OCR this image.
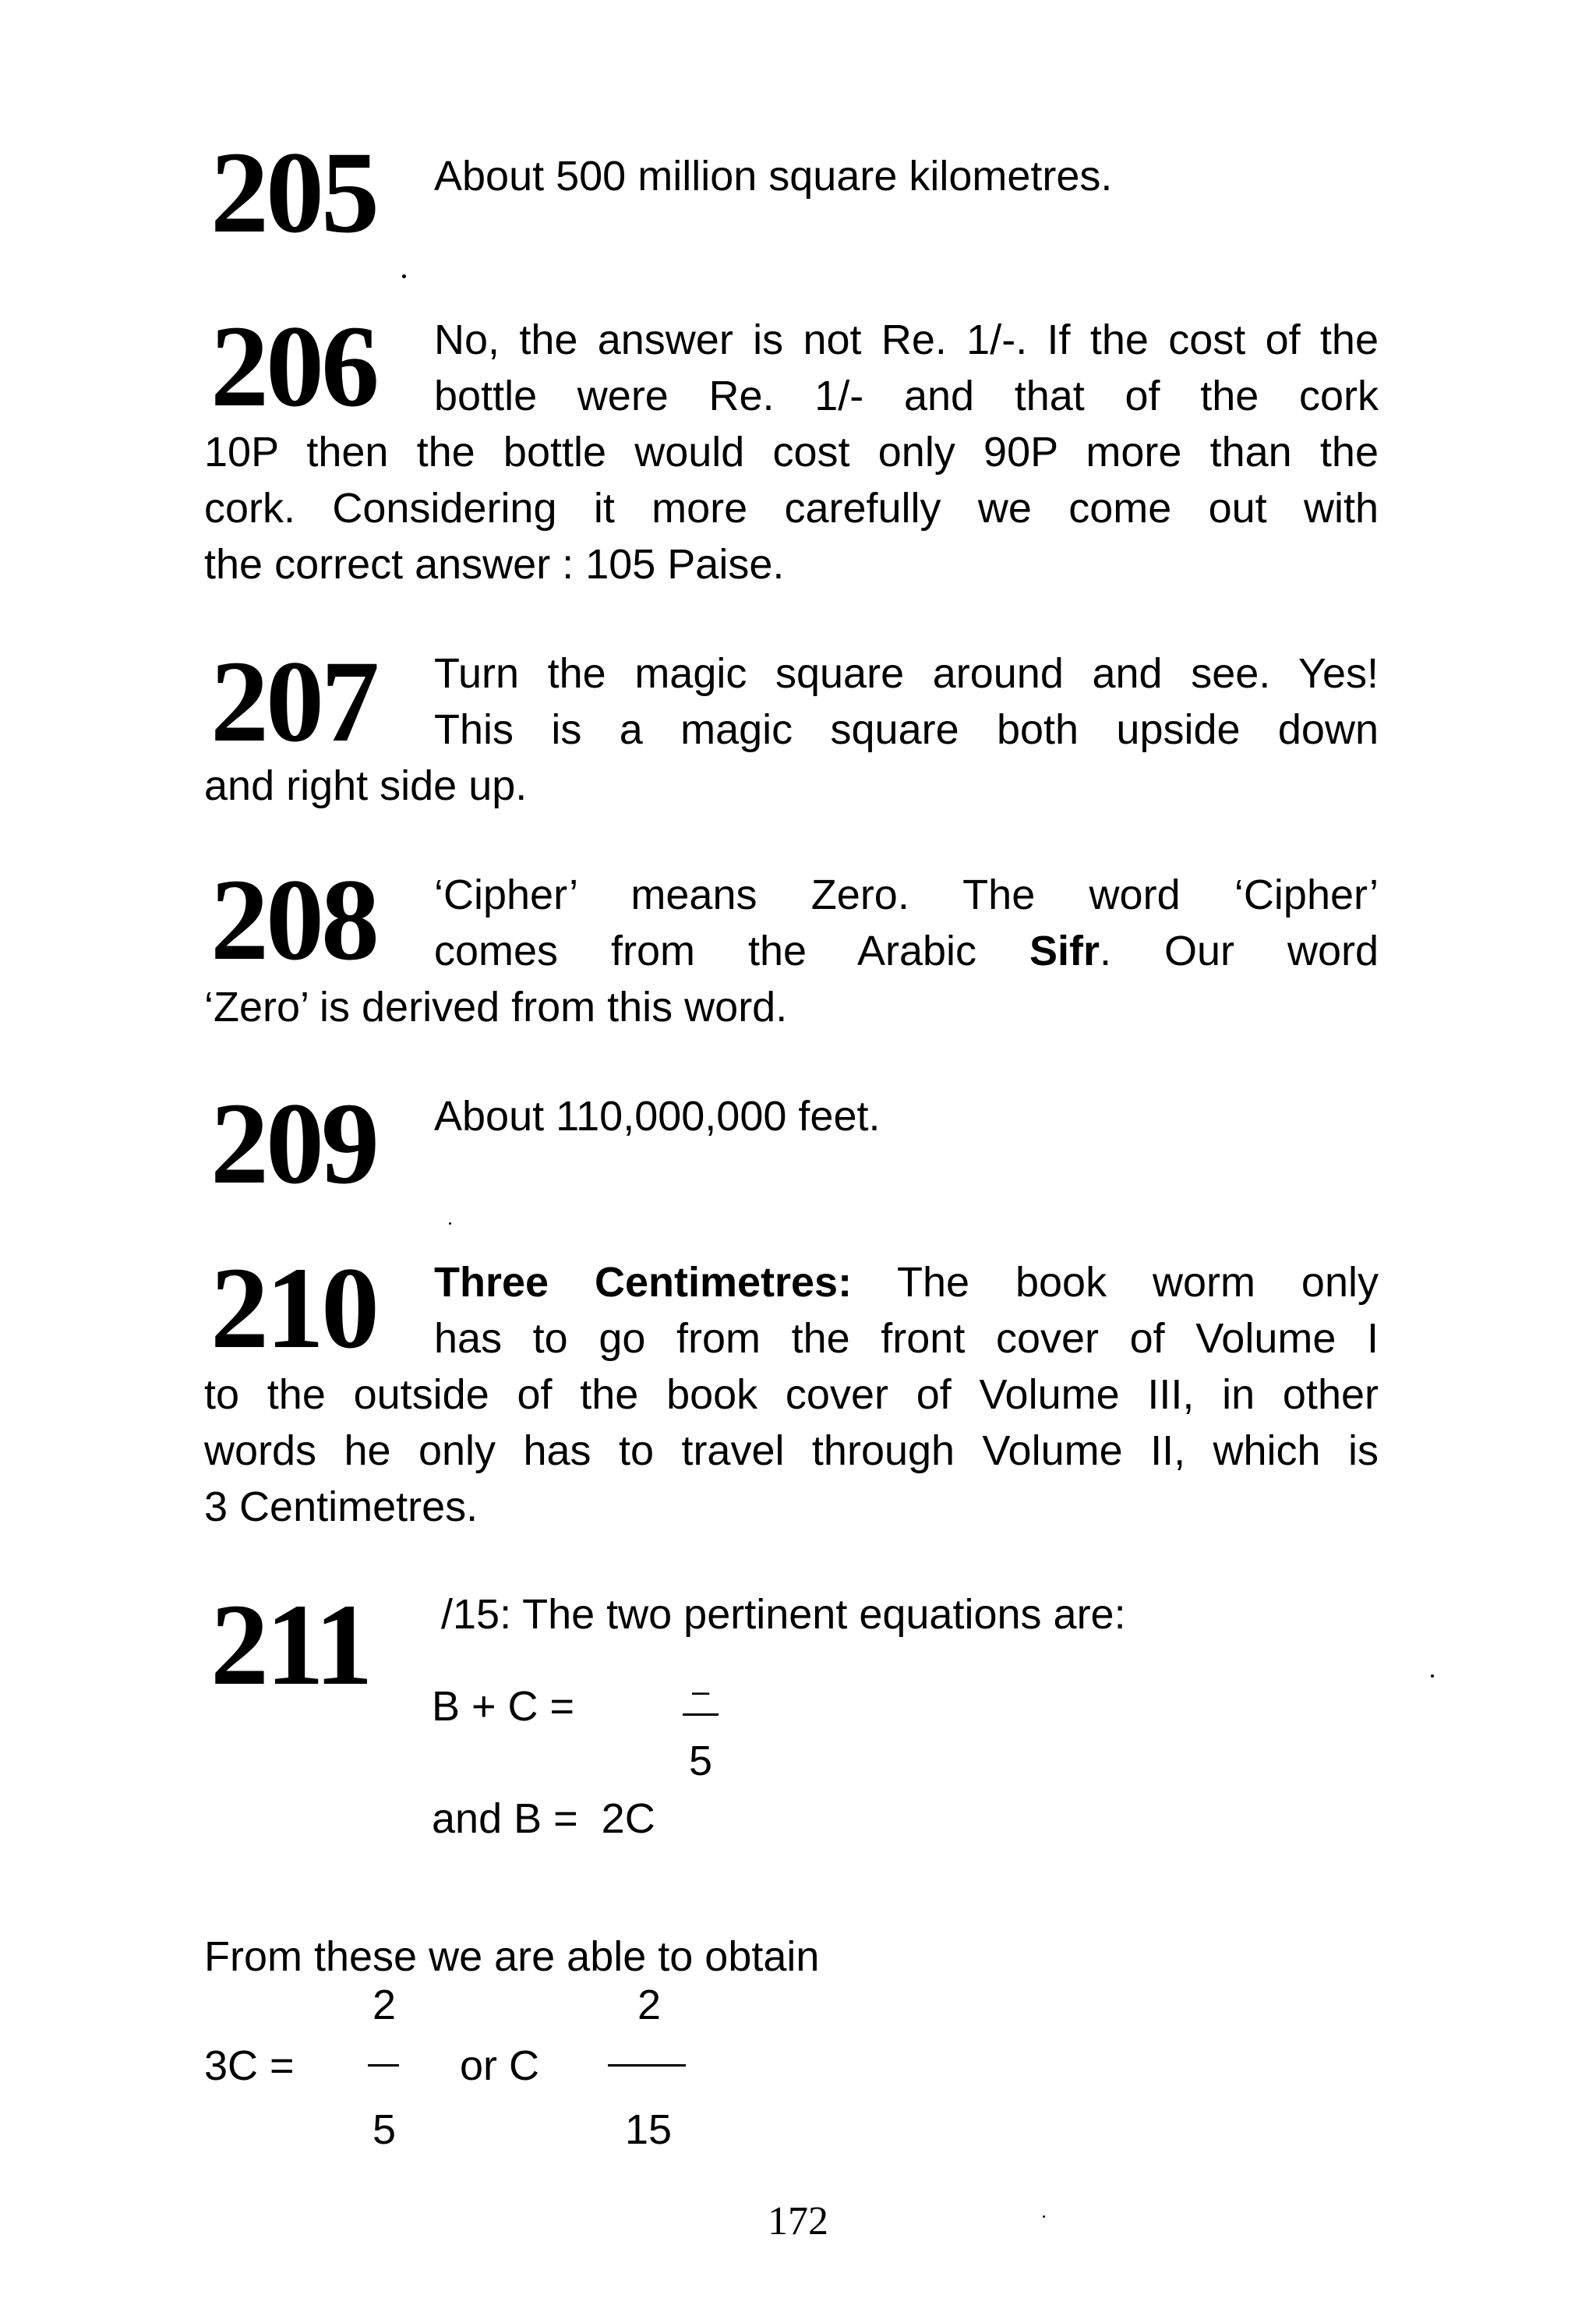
205 About 500 million square kilometres.
206 No, the answer is not Re. 1/-. If the cost of the
bottle were Re. 1/- and that of the cork
10P then the bottle would cost only 90P more than the
cork. Considering it more carefully we come out with
the correct answer : 105 Paise.
207 Turn the magic square around and see. Yes!
This is a magic square both upside down
and right side up.
208 ‘Cipher’ means Zero. The word ‘Cipher’
comes from the Arabic Sifr. Our word
‘Zero’ is derived from this word.
209 About 110,000,000 feet.
210 Three Centimetres: The book worm only
has to go from the front cover of Volume I
to the outside of the book cover of Volume III, in other
words he only has to travel through Volume II, which is
3 Centimetres.
211 /15: The two pertinent equations are:
B + C =	–
5
and B =  2C
From these we are able to obtain
2
3C =
5
or C
2
15
172
